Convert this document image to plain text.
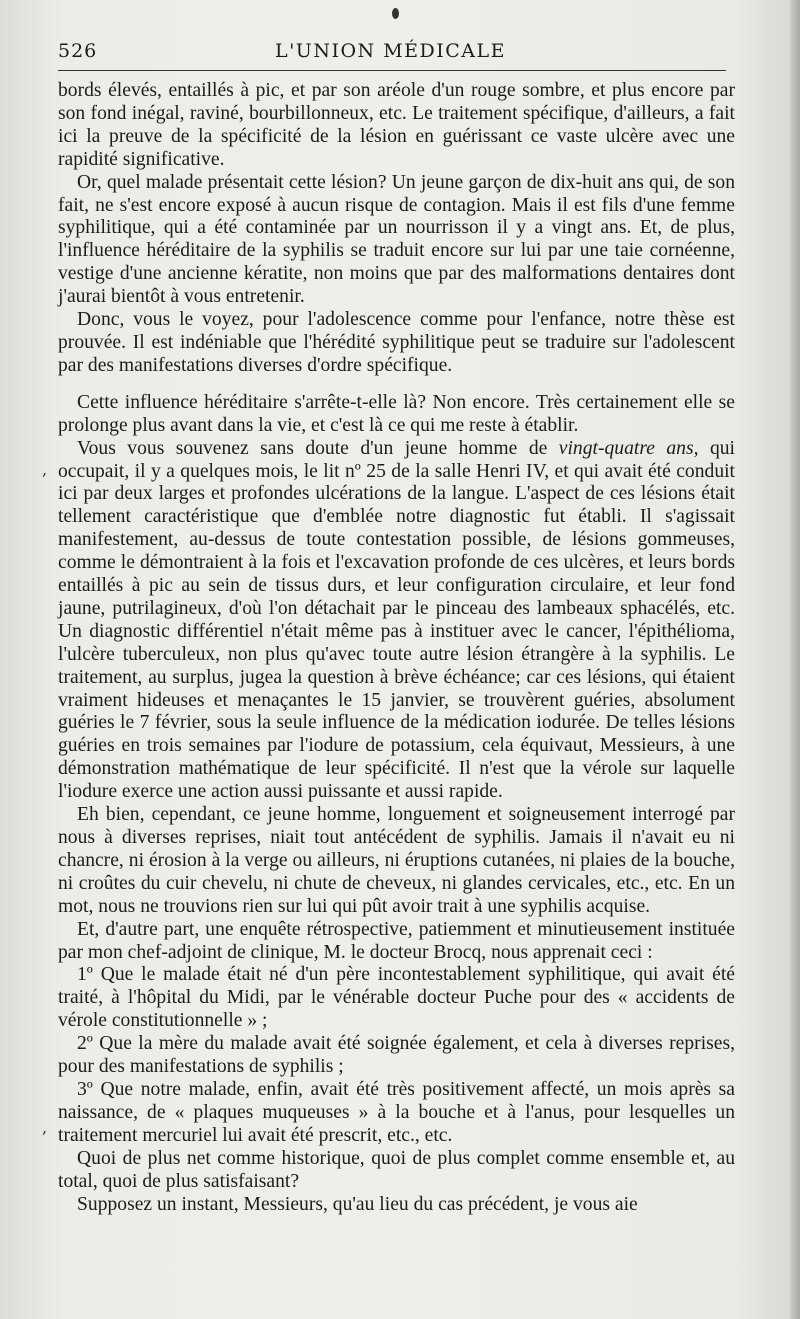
526	L'UNION MÉDICALE
,
,

bords élevés, entaillés à pic, et par son aréole d'un rouge sombre, et plus encore par son fond inégal, raviné, bourbillonneux, etc. Le traitement spécifique, d'ailleurs, a fait ici la preuve de la spécificité de la lésion en guérissant ce vaste ulcère avec une rapidité significative.

Or, quel malade présentait cette lésion? Un jeune garçon de dix-huit ans qui, de son fait, ne s'est encore exposé à aucun risque de contagion. Mais il est fils d'une femme syphilitique, qui a été contaminée par un nourrisson il y a vingt ans. Et, de plus, l'influence héréditaire de la syphilis se traduit encore sur lui par une taie cornéenne, vestige d'une ancienne kératite, non moins que par des malformations dentaires dont j'aurai bientôt à vous entretenir.

Donc, vous le voyez, pour l'adolescence comme pour l'enfance, notre thèse est prouvée. Il est indéniable que l'hérédité syphilitique peut se traduire sur l'adolescent par des manifestations diverses d'ordre spécifique.

Cette influence héréditaire s'arrête-t-elle là? Non encore. Très certainement elle se prolonge plus avant dans la vie, et c'est là ce qui me reste à établir.

Vous vous souvenez sans doute d'un jeune homme de vingt-quatre ans, qui occupait, il y a quelques mois, le lit nº 25 de la salle Henri IV, et qui avait été conduit ici par deux larges et profondes ulcérations de la langue. L'aspect de ces lésions était tellement caractéristique que d'emblée notre diagnostic fut établi. Il s'agissait manifestement, au-dessus de toute contestation possible, de lésions gommeuses, comme le démontraient à la fois et l'excavation profonde de ces ulcères, et leurs bords entaillés à pic au sein de tissus durs, et leur configuration circulaire, et leur fond jaune, putrilagineux, d'où l'on détachait par le pinceau des lambeaux sphacélés, etc. Un diagnostic différentiel n'était même pas à instituer avec le cancer, l'épithélioma, l'ulcère tuberculeux, non plus qu'avec toute autre lésion étrangère à la syphilis. Le traitement, au surplus, jugea la question à brève échéance; car ces lésions, qui étaient vraiment hideuses et menaçantes le 15 janvier, se trouvèrent guéries, absolument guéries le 7 février, sous la seule influence de la médication iodurée. De telles lésions guéries en trois semaines par l'iodure de potassium, cela équivaut, Messieurs, à une démonstration mathématique de leur spécificité. Il n'est que la vérole sur laquelle l'iodure exerce une action aussi puissante et aussi rapide.

Eh bien, cependant, ce jeune homme, longuement et soigneusement interrogé par nous à diverses reprises, niait tout antécédent de syphilis. Jamais il n'avait eu ni chancre, ni érosion à la verge ou ailleurs, ni éruptions cutanées, ni plaies de la bouche, ni croûtes du cuir chevelu, ni chute de cheveux, ni glandes cervicales, etc., etc. En un mot, nous ne trouvions rien sur lui qui pût avoir trait à une syphilis acquise.

Et, d'autre part, une enquête rétrospective, patiemment et minutieusement instituée par mon chef-adjoint de clinique, M. le docteur Brocq, nous apprenait ceci :

1º Que le malade était né d'un père incontestablement syphilitique, qui avait été traité, à l'hôpital du Midi, par le vénérable docteur Puche pour des « accidents de vérole constitutionnelle » ;

2º Que la mère du malade avait été soignée également, et cela à diverses reprises, pour des manifestations de syphilis ;

3º Que notre malade, enfin, avait été très positivement affecté, un mois après sa naissance, de « plaques muqueuses » à la bouche et à l'anus, pour lesquelles un traitement mercuriel lui avait été prescrit, etc., etc.

Quoi de plus net comme historique, quoi de plus complet comme ensemble et, au total, quoi de plus satisfaisant?

Supposez un instant, Messieurs, qu'au lieu du cas précédent, je vous aie
